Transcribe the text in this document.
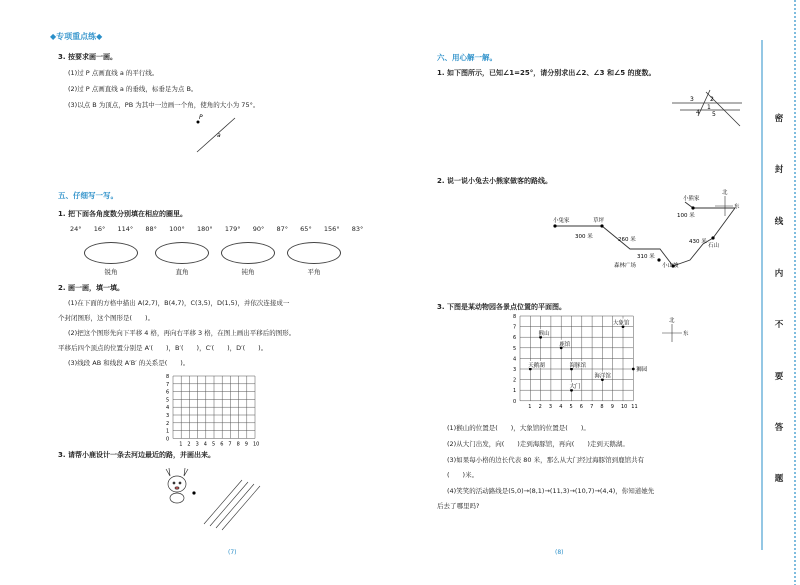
◆专项重点练◆
3. 按要求画一画。
(1)过 P 点画直线 a 的平行线。
(2)过 P 点画直线 a 的垂线，标垂足为点 B。
(3)以点 B 为顶点，PB 为其中一边画一个角，使角的大小为 75°。
P
a
五、仔细写一写。
1. 把下面各角度数分别填在相应的圈里。
24° 16° 114° 88° 100° 180° 179° 90° 87° 65° 156° 83°
锐角	直角	钝角	平角
2. 画一画，填一填。
(1)在下面的方格中描出 A(2,7)，B(4,7)，C(3,5)，D(1,5)，并依次连接成一
个封闭图形，这个图形是(　　)。
(2)把这个图形先向下平移 4 格，再向右平移 3 格，在图上画出平移后的图形。
平移后四个顶点的位置分别是 A′(　　)，B′(　　)，C′(　　)，D′(　　)。
(3)线段 AB 和线段 A′B′ 的关系是(　　)。
8
7
6
5
4
3
2
1
0
1 2 3 4 5 6 7 8 9 10
3. 请帮小鹿设计一条去河边最近的路，并画出来。
(7)
六、用心解一解。
1. 如下图所示，已知∠1=25°，请分别求出∠2、∠3 和∠5 的度数。
3	2
1
4 5
2. 说一说小兔去小熊家做客的路线。
小兔家	草坪
森林广场	小山坡
石山
小熊家
300 米	260 米
310 米
430 米
100 米
北
东
3. 下图是某动物园各景点位置的平面图。
8
7
6
5
4
3
2
1
0
1 2 3 4 5 6 7 8 9 10 11
大象馆
猴山
鹿馆
狮园
天鹅湖	海豚馆
海洋馆
大门
北
东
(1)猴山的位置是(　　)，大象馆的位置是(　　)。
(2)从大门出发，向(　　)走到海豚馆，再向(　　)走到天鹅湖。
(3)如果每小格的边长代表 80 米，那么从大门经过海豚馆到鹿馆共有
(　　)米。
(4)笑笑的活动路线是(5,0)→(8,1)→(11,3)→(10,7)→(4,4)，你知道她先
后去了哪里吗?
(8)
密
封
线
内
不
要
答
题
